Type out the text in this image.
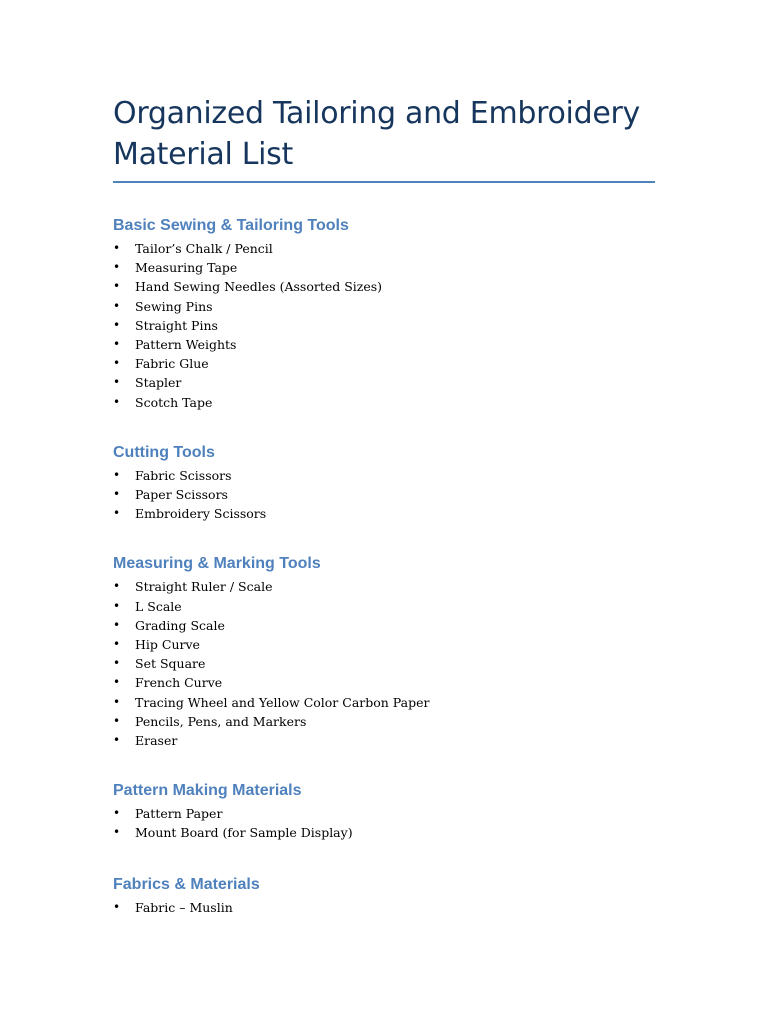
Organized Tailoring and Embroidery Material List
Basic Sewing & Tailoring Tools
• Tailor’s Chalk / Pencil
• Measuring Tape
• Hand Sewing Needles (Assorted Sizes)
• Sewing Pins
• Straight Pins
• Pattern Weights
• Fabric Glue
• Stapler
• Scotch Tape
Cutting Tools
• Fabric Scissors
• Paper Scissors
• Embroidery Scissors
Measuring & Marking Tools
• Straight Ruler / Scale
• L Scale
• Grading Scale
• Hip Curve
• Set Square
• French Curve
• Tracing Wheel and Yellow Color Carbon Paper
• Pencils, Pens, and Markers
• Eraser
Pattern Making Materials
• Pattern Paper
• Mount Board (for Sample Display)
Fabrics & Materials
• Fabric – Muslin
